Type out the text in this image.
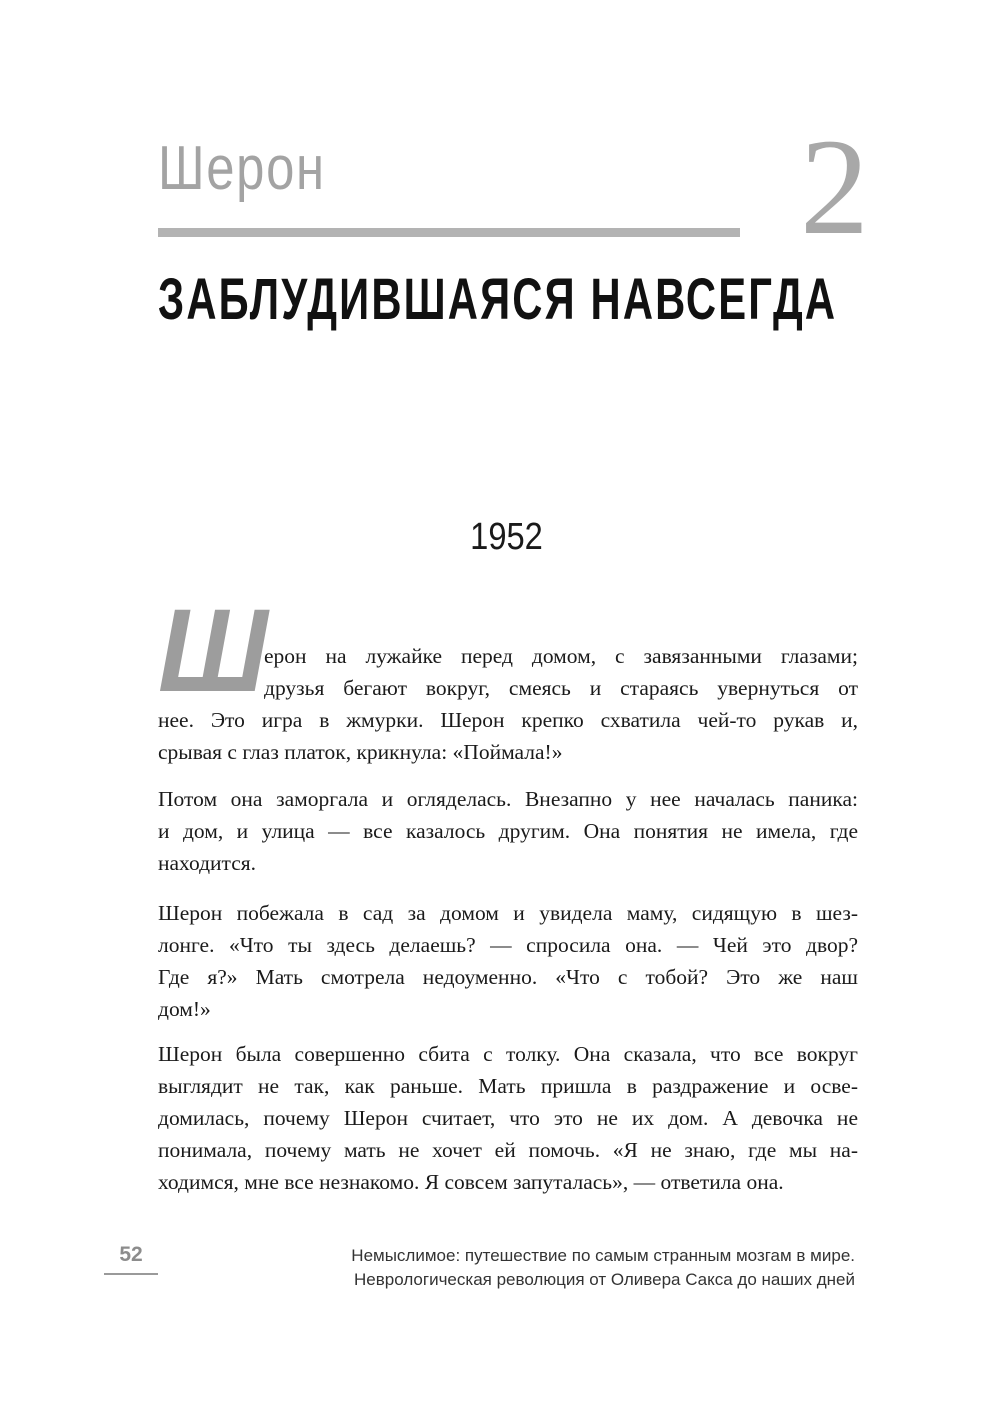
Шерон	2
ЗАБЛУДИВШАЯСЯ НАВСЕГДА
1952
Ш
ерон на лужайке перед домом, с завязанными глазами;
друзья бегают вокруг, смеясь и стараясь увернуться от
нее. Это игра в жмурки. Шерон крепко схватила чей-то рукав и,
срывая с глаз платок, крикнула: «Поймала!»
Потом она заморгала и огляделась. Внезапно у нее началась паника:
и дом, и улица — все казалось другим. Она понятия не имела, где
находится.
Шерон побежала в сад за домом и увидела маму, сидящую в шез-
лонге. «Что ты здесь делаешь? — спросила она. — Чей это двор?
Где я?» Мать смотрела недоуменно. «Что с тобой? Это же наш
дом!»
Шерон была совершенно сбита с толку. Она сказала, что все вокруг
выглядит не так, как раньше. Мать пришла в раздражение и осве-
домилась, почему Шерон считает, что это не их дом. А девочка не
понимала, почему мать не хочет ей помочь. «Я не знаю, где мы на-
ходимся, мне все незнакомо. Я совсем запуталась», — ответила она.
52	Немыслимое: путешествие по самым странным мозгам в мире.
Неврологическая революция от Оливера Сакса до наших дней
